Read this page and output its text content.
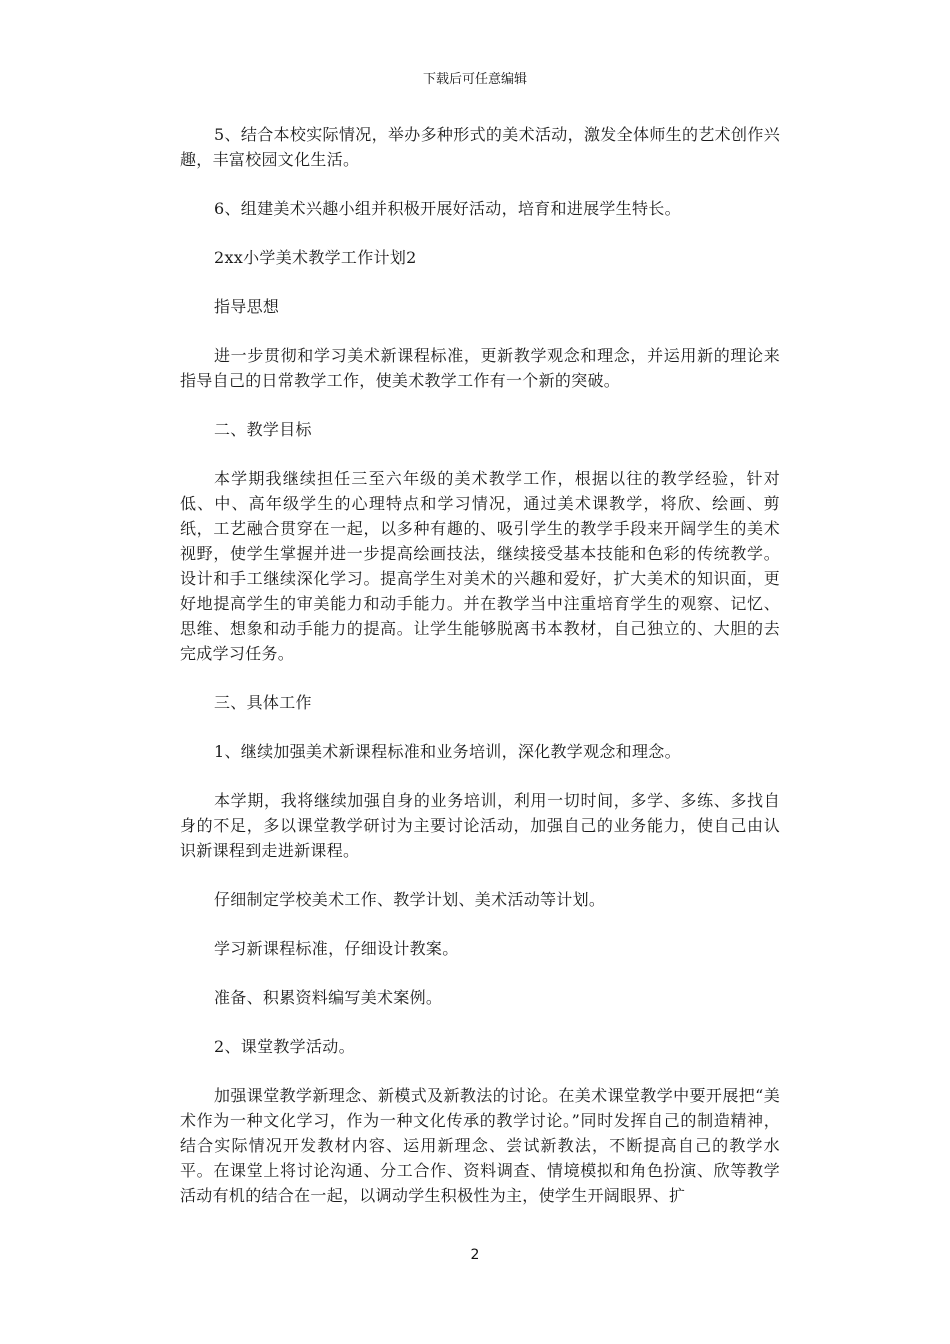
下载后可任意编辑

5、结合本校实际情况，举办多种形式的美术活动，激发全体师生的艺术创作兴趣，丰富校园文化生活。

6、组建美术兴趣小组并积极开展好活动，培育和进展学生特长。

2xx小学美术教学工作计划2

指导思想

进一步贯彻和学习美术新课程标准，更新教学观念和理念，并运用新的理论来指导自己的日常教学工作，使美术教学工作有一个新的突破。

二、教学目标

本学期我继续担任三至六年级的美术教学工作，根据以往的教学经验，针对低、中、高年级学生的心理特点和学习情况，通过美术课教学，将欣、绘画、剪纸，工艺融合贯穿在一起，以多种有趣的、吸引学生的教学手段来开阔学生的美术视野，使学生掌握并进一步提高绘画技法，继续接受基本技能和色彩的传统教学。设计和手工继续深化学习。提高学生对美术的兴趣和爱好，扩大美术的知识面，更好地提高学生的审美能力和动手能力。并在教学当中注重培育学生的观察、记忆、思维、想象和动手能力的提高。让学生能够脱离书本教材，自己独立的、大胆的去完成学习任务。

三、具体工作

1、继续加强美术新课程标准和业务培训，深化教学观念和理念。

本学期，我将继续加强自身的业务培训，利用一切时间，多学、多练、多找自身的不足，多以课堂教学研讨为主要讨论活动，加强自己的业务能力，使自己由认识新课程到走进新课程。

仔细制定学校美术工作、教学计划、美术活动等计划。

学习新课程标准，仔细设计教案。

准备、积累资料编写美术案例。

2、课堂教学活动。

加强课堂教学新理念、新模式及新教法的讨论。在美术课堂教学中要开展把“美术作为一种文化学习，作为一种文化传承的教学讨论。”同时发挥自己的制造精神，结合实际情况开发教材内容、运用新理念、尝试新教法，不断提高自己的教学水平。在课堂上将讨论沟通、分工合作、资料调查、情境模拟和角色扮演、欣等教学活动有机的结合在一起，以调动学生积极性为主，使学生开阔眼界、扩

2
